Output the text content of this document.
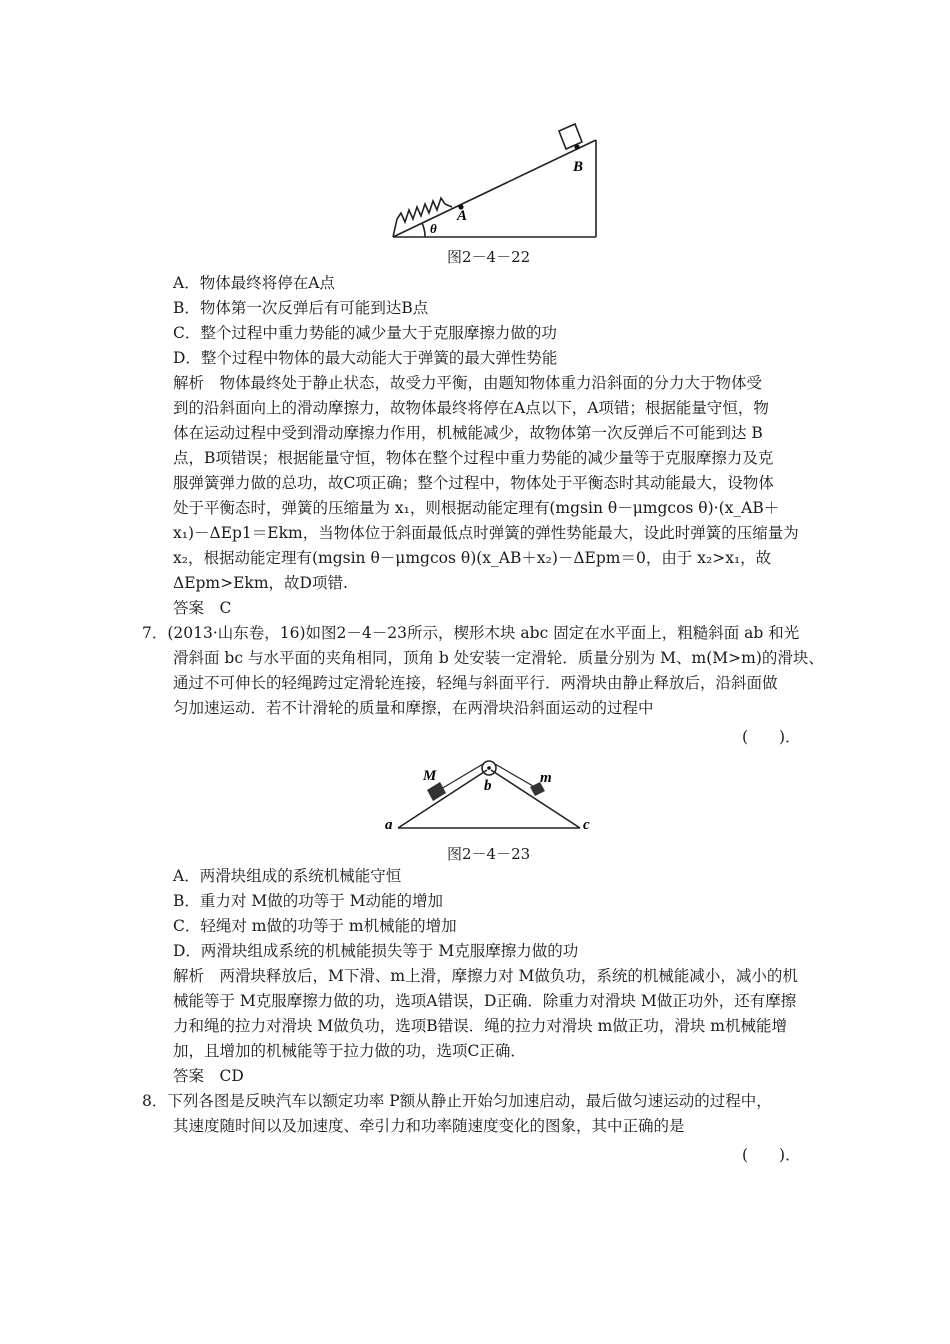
A
B
θ
M	m
b
a	c
图2－4－22
A．物体最终将停在A点
B．物体第一次反弹后有可能到达B点
C．整个过程中重力势能的减少量大于克服摩擦力做的功
D．整个过程中物体的最大动能大于弹簧的最大弹性势能
解析　物体最终处于静止状态，故受力平衡，由题知物体重力沿斜面的分力大于物体受
到的沿斜面向上的滑动摩擦力，故物体最终将停在A点以下，A项错；根据能量守恒，物
体在运动过程中受到滑动摩擦力作用，机械能减少，故物体第一次反弹后不可能到达 B
点，B项错误；根据能量守恒，物体在整个过程中重力势能的减少量等于克服摩擦力及克
服弹簧弹力做的总功，故C项正确；整个过程中，物体处于平衡态时其动能最大，设物体
处于平衡态时，弹簧的压缩量为 x₁，则根据动能定理有(mgsin θ－μmgcos θ)·(x_AB＋
x₁)－ΔEp1＝Ekm，当物体位于斜面最低点时弹簧的弹性势能最大，设此时弹簧的压缩量为
x₂，根据动能定理有(mgsin θ－μmgcos θ)(x_AB＋x₂)－ΔEpm＝0，由于 x₂>x₁，故
ΔEpm>Ekm，故D项错.
答案　C
7．(2013·山东卷，16)如图2－4－23所示，楔形木块 abc 固定在水平面上，粗糙斜面 ab 和光
滑斜面 bc 与水平面的夹角相同，顶角 b 处安装一定滑轮．质量分别为 M、m(M>m)的滑块、
通过不可伸长的轻绳跨过定滑轮连接，轻绳与斜面平行．两滑块由静止释放后，沿斜面做
匀加速运动．若不计滑轮的质量和摩擦，在两滑块沿斜面运动的过程中
(　　)．
图2－4－23
A．两滑块组成的系统机械能守恒
B．重力对 M做的功等于 M动能的增加
C．轻绳对 m做的功等于 m机械能的增加
D．两滑块组成系统的机械能损失等于 M克服摩擦力做的功
解析　两滑块释放后，M下滑、m上滑，摩擦力对 M做负功，系统的机械能减小，减小的机
械能等于 M克服摩擦力做的功，选项A错误，D正确．除重力对滑块 M做正功外，还有摩擦
力和绳的拉力对滑块 M做负功，选项B错误．绳的拉力对滑块 m做正功，滑块 m机械能增
加，且增加的机械能等于拉力做的功，选项C正确．
答案　CD
8．下列各图是反映汽车以额定功率 P额从静止开始匀加速启动，最后做匀速运动的过程中，
其速度随时间以及加速度、牵引力和功率随速度变化的图象，其中正确的是
(　　)．
